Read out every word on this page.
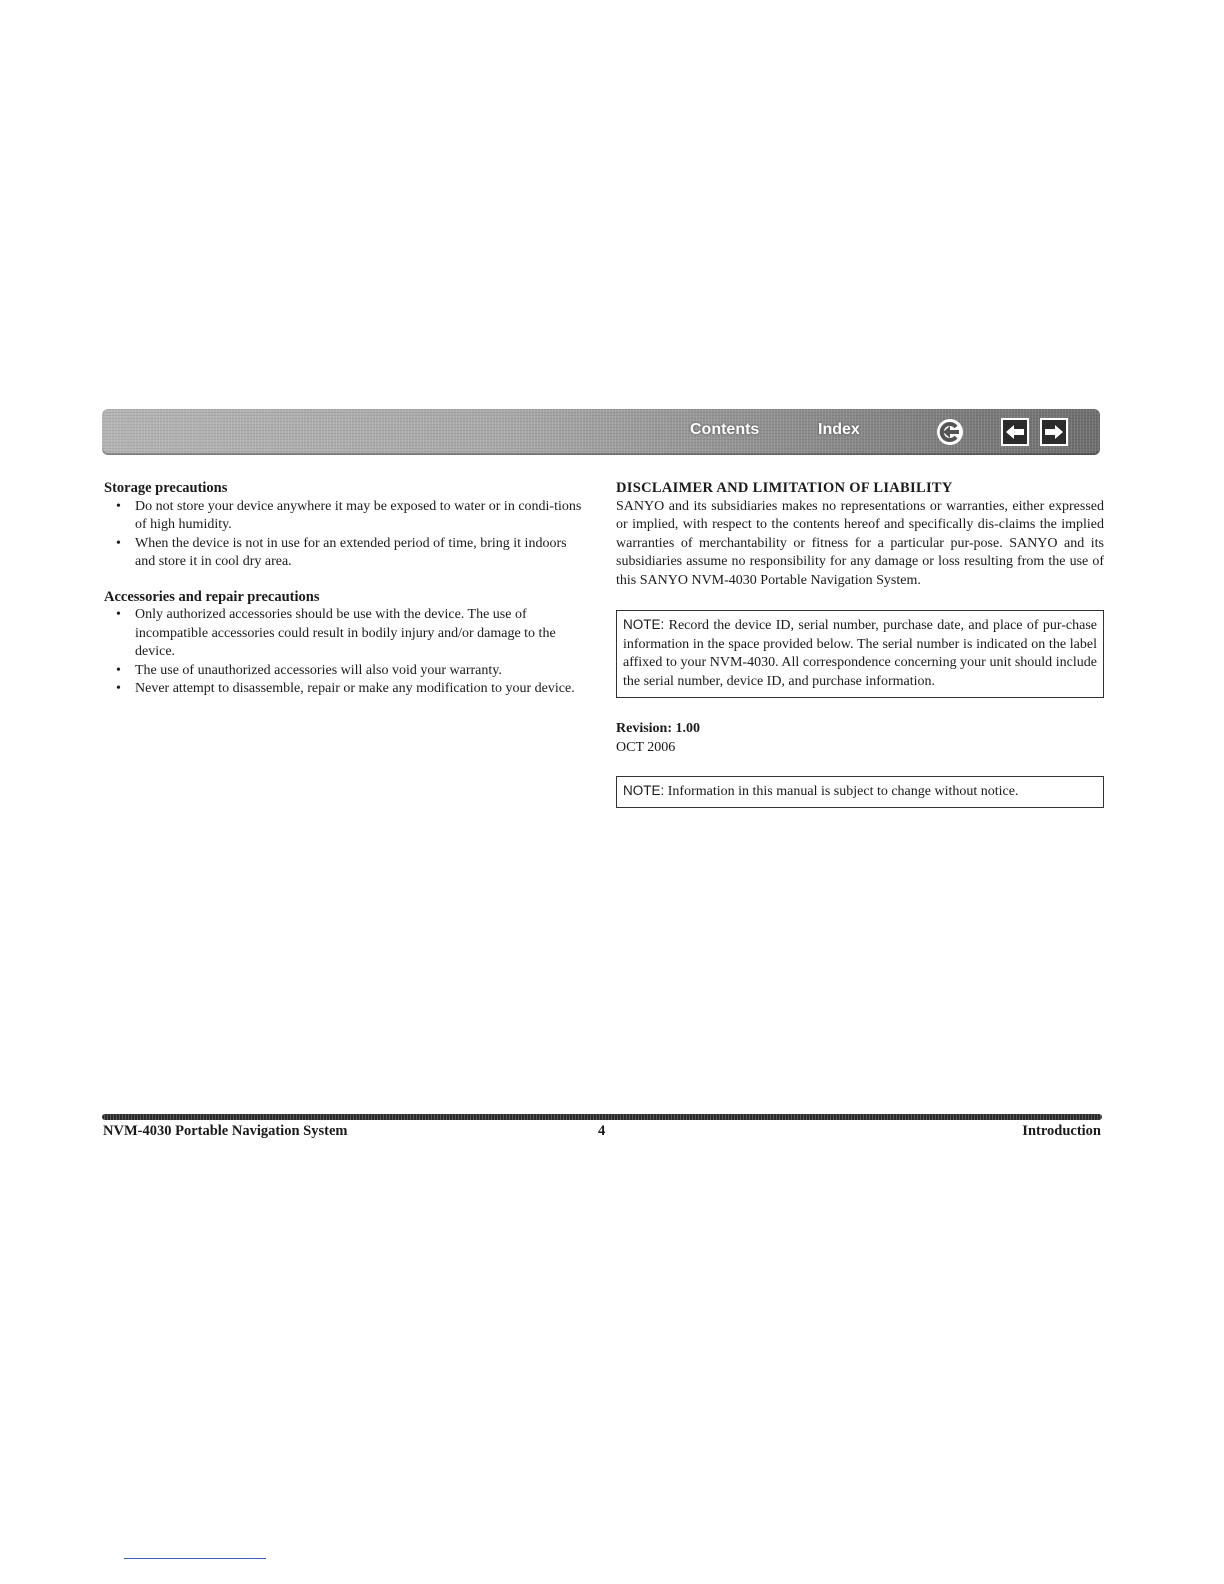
Contents	Index

Storage precautions

• Do not store your device anywhere it may be exposed to water or in condi-tions of high humidity.
• When the device is not in use for an extended period of time, bring it indoors and store it in cool dry area.

Accessories and repair precautions

• Only authorized accessories should be use with the device. The use of incompatible accessories could result in bodily injury and/or damage to the device.
• The use of unauthorized accessories will also void your warranty.
• Never attempt to disassemble, repair or make any modification to your device.

DISCLAIMER AND LIMITATION OF LIABILITY

SANYO and its subsidiaries makes no representations or warranties, either expressed or implied, with respect to the contents hereof and specifically dis-claims the implied warranties of merchantability or fitness for a particular pur-pose. SANYO and its subsidiaries assume no responsibility for any damage or loss resulting from the use of this SANYO NVM-4030 Portable Navigation System.

NOTE: Record the device ID, serial number, purchase date, and place of pur-chase information in the space provided below. The serial number is indicated on the label affixed to your NVM-4030. All correspondence concerning your unit should include the serial number, device ID, and purchase information.
Revision: 1.00
OCT 2006
NOTE: Information in this manual is subject to change without notice.
NVM-4030 Portable Navigation System	4	Introduction
